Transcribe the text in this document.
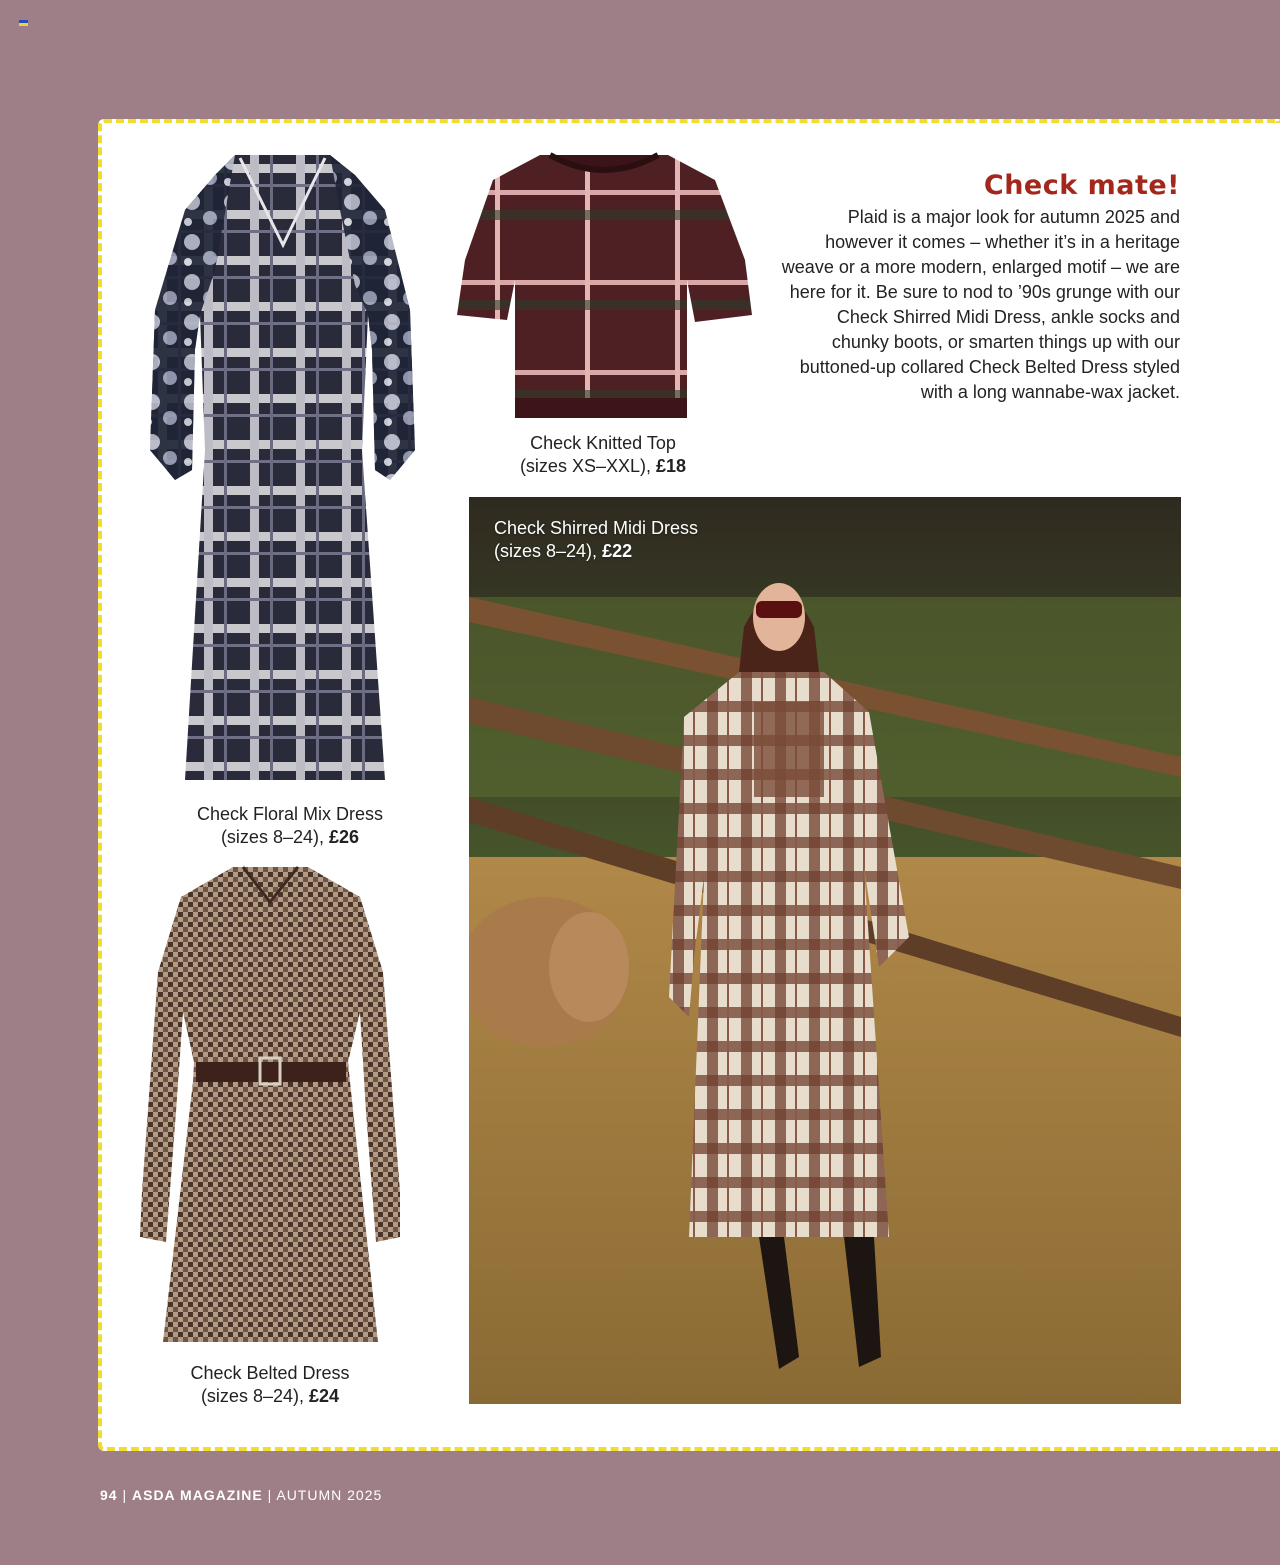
Check Floral Mix Dress
(sizes 8–24), £26
Check Knitted Top
(sizes XS–XXL), £18
Check mate!

Plaid is a major look for autumn 2025 and however it comes – whether it’s in a heritage weave or a more modern, enlarged motif – we are here for it. Be sure to nod to ’90s grunge with our Check Shirred Midi Dress, ankle socks and chunky boots, or smarten things up with our buttoned-up collared Check Belted Dress styled with a long wannabe-wax jacket.

Check Belted Dress
(sizes 8–24), £24
Check Shirred Midi Dress
(sizes 8–24), £22
94 | ASDA MAGAZINE | AUTUMN 2025
